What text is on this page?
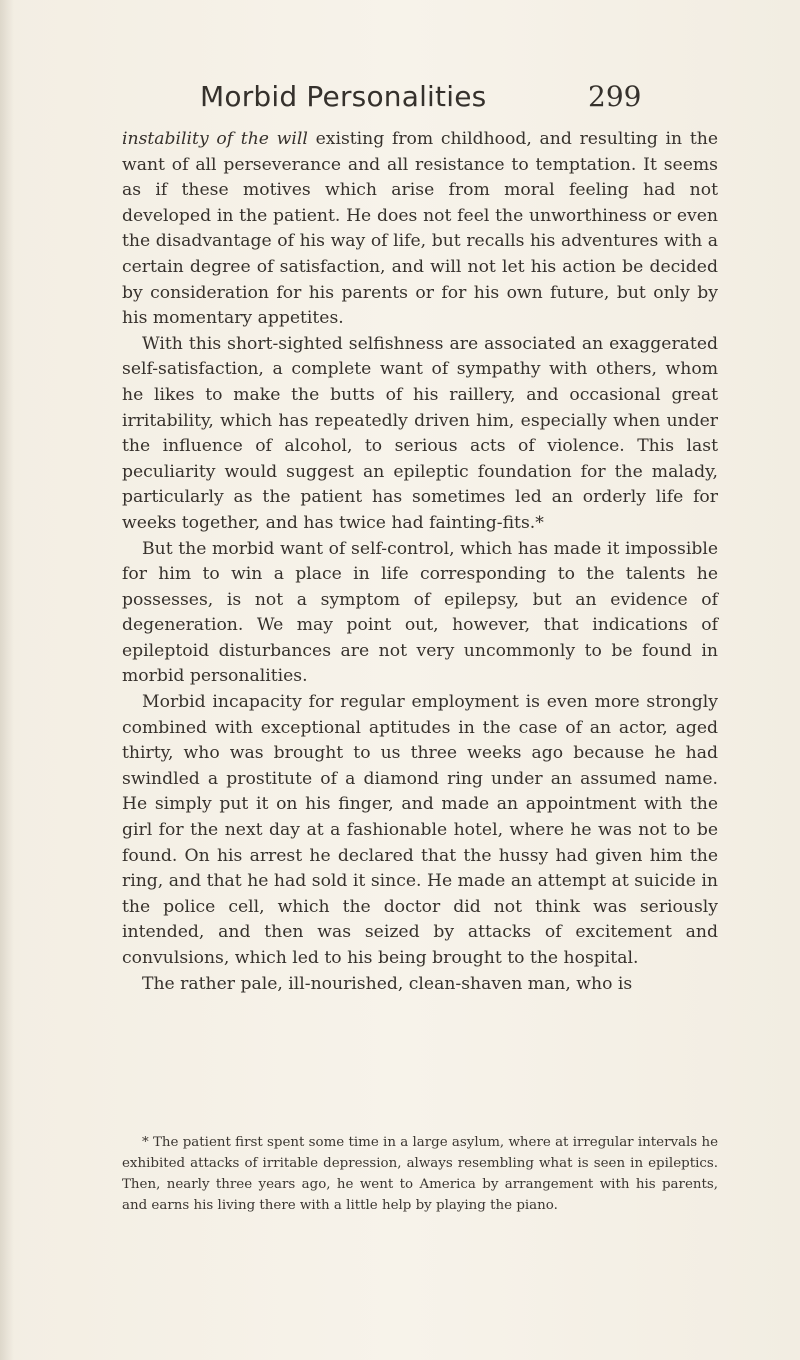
Morbid Personalities	299

instability of the will existing from childhood, and resulting in the want of all perseverance and all resistance to temptation. It seems as if these motives which arise from moral feeling had not developed in the patient. He does not feel the unworthiness or even the disadvantage of his way of life, but recalls his adventures with a certain degree of satisfaction, and will not let his action be decided by consideration for his parents or for his own future, but only by his momentary appetites.

With this short-sighted selfishness are associated an exaggerated self-satisfaction, a complete want of sympathy with others, whom he likes to make the butts of his raillery, and occasional great irritability, which has repeatedly driven him, especially when under the influence of alcohol, to serious acts of violence. This last peculiarity would suggest an epileptic foundation for the malady, particularly as the patient has sometimes led an orderly life for weeks together, and has twice had fainting-fits.*

But the morbid want of self-control, which has made it impossible for him to win a place in life corresponding to the talents he possesses, is not a symptom of epilepsy, but an evidence of degeneration. We may point out, however, that indications of epileptoid disturbances are not very uncommonly to be found in morbid personalities.

Morbid incapacity for regular employment is even more strongly combined with exceptional aptitudes in the case of an actor, aged thirty, who was brought to us three weeks ago because he had swindled a prostitute of a diamond ring under an assumed name. He simply put it on his finger, and made an appointment with the girl for the next day at a fashionable hotel, where he was not to be found. On his arrest he declared that the hussy had given him the ring, and that he had sold it since. He made an attempt at suicide in the police cell, which the doctor did not think was seriously intended, and then was seized by attacks of excitement and convulsions, which led to his being brought to the hospital.

The rather pale, ill-nourished, clean-shaven man, who is

* The patient first spent some time in a large asylum, where at irregular intervals he exhibited attacks of irritable depression, always resembling what is seen in epileptics. Then, nearly three years ago, he went to America by arrangement with his parents, and earns his living there with a little help by playing the piano.
